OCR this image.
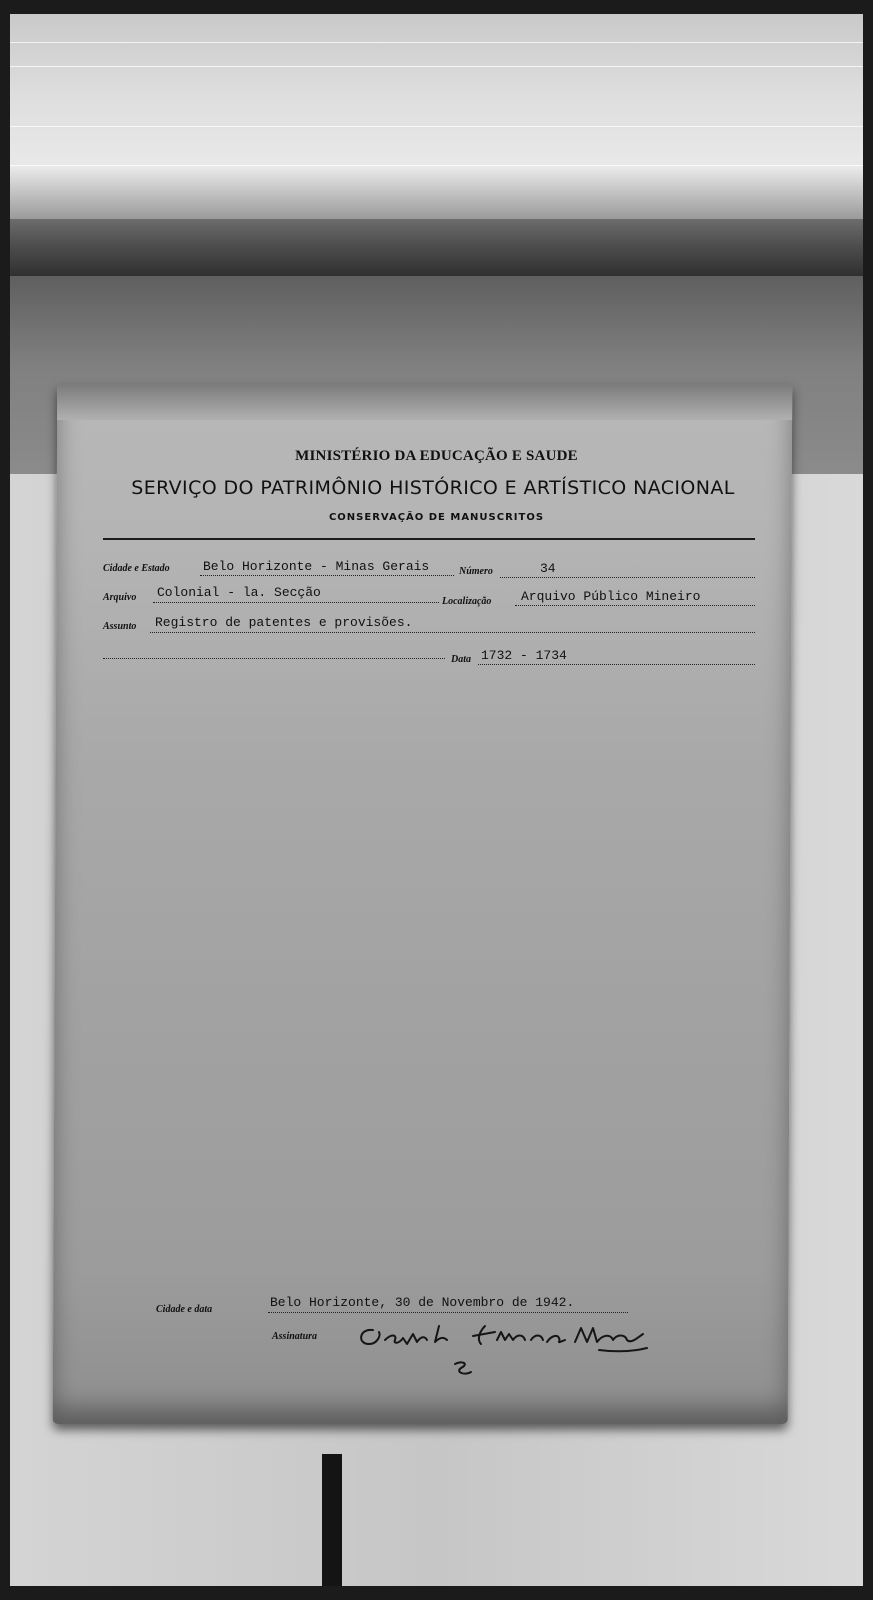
MINISTÉRIO DA EDUCAÇÃO E SAUDE
SERVIÇO DO PATRIMÔNIO HISTÓRICO E ARTÍSTICO NACIONAL
CONSERVAÇÃO DE MANUSCRITOS
Cidade e Estado	Belo Horizonte - Minas Gerais	Número	34
Arquivo Colonial - la. Secção
Localização Arquivo Público Mineiro
Assunto Registro de patentes e provisões.
Data 1732 - 1734
Cidade e data	Belo Horizonte, 30 de Novembro de 1942.
Assinatura
